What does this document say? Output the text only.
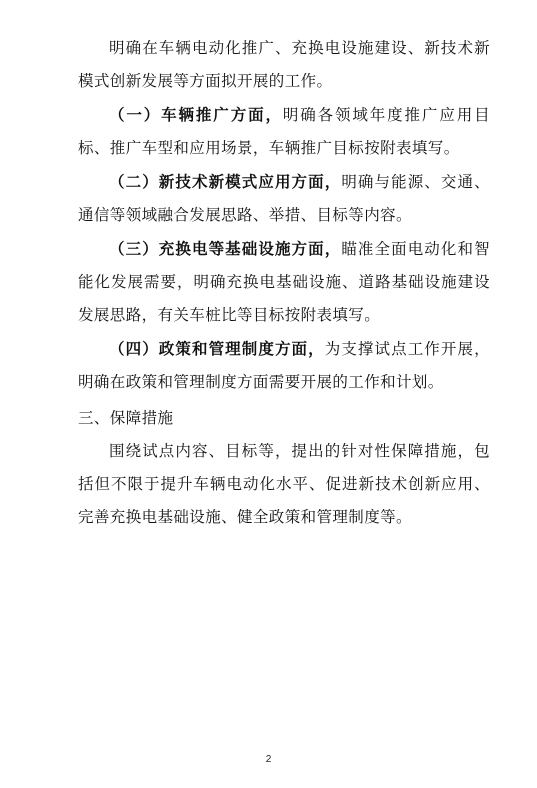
明确在车辆电动化推广、充换电设施建设、新技术新模式创新发展等方面拟开展的工作。

（一）车辆推广方面，明确各领域年度推广应用目标、推广车型和应用场景，车辆推广目标按附表填写。

（二）新技术新模式应用方面，明确与能源、交通、通信等领域融合发展思路、举措、目标等内容。

（三）充换电等基础设施方面，瞄准全面电动化和智能化发展需要，明确充换电基础设施、道路基础设施建设发展思路，有关车桩比等目标按附表填写。

（四）政策和管理制度方面，为支撑试点工作开展，明确在政策和管理制度方面需要开展的工作和计划。

三、保障措施

围绕试点内容、目标等，提出的针对性保障措施，包括但不限于提升车辆电动化水平、促进新技术创新应用、完善充换电基础设施、健全政策和管理制度等。

2
